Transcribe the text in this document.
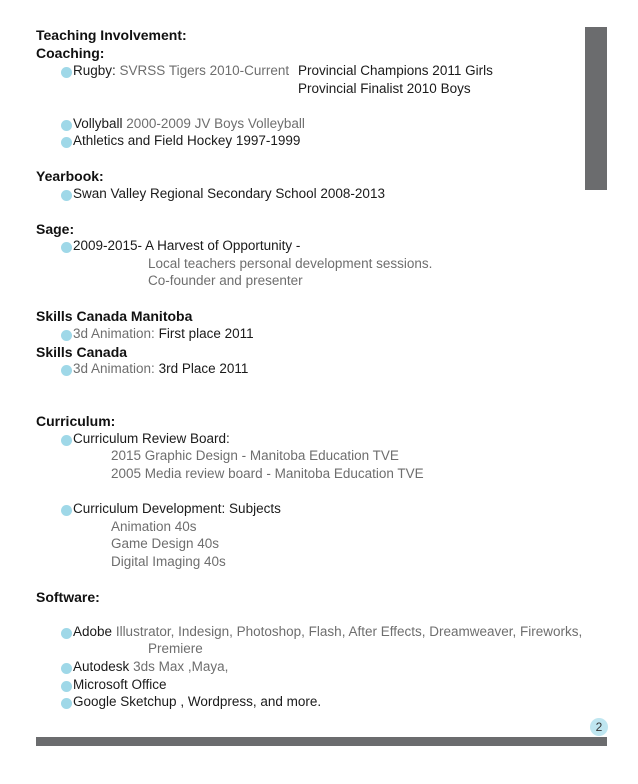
Teaching Involvement:
Coaching:
Rugby: SVRSS Tigers 2010-Current Provincial Champions 2011 Girls
Provincial Finalist 2010 Boys
Vollyball 2000-2009 JV Boys Volleyball
Athletics and Field Hockey 1997-1999
Yearbook:
Swan Valley Regional Secondary School 2008-2013
Sage:
2009-2015- A Harvest of Opportunity -
Local teachers personal development sessions.
Co-founder and presenter
Skills Canada Manitoba
3d Animation: First place 2011
Skills Canada
3d Animation: 3rd Place 2011
Curriculum:
Curriculum Review Board:
2015 Graphic Design - Manitoba Education TVE
2005 Media review board - Manitoba Education TVE
Curriculum Development: Subjects
Animation 40s
Game Design 40s
Digital Imaging 40s
Software:
Adobe Illustrator, Indesign, Photoshop, Flash, After Effects, Dreamweaver, Fireworks,
Premiere
Autodesk 3ds Max ,Maya,
Microsoft Office
Google Sketchup , Wordpress, and more.
2
